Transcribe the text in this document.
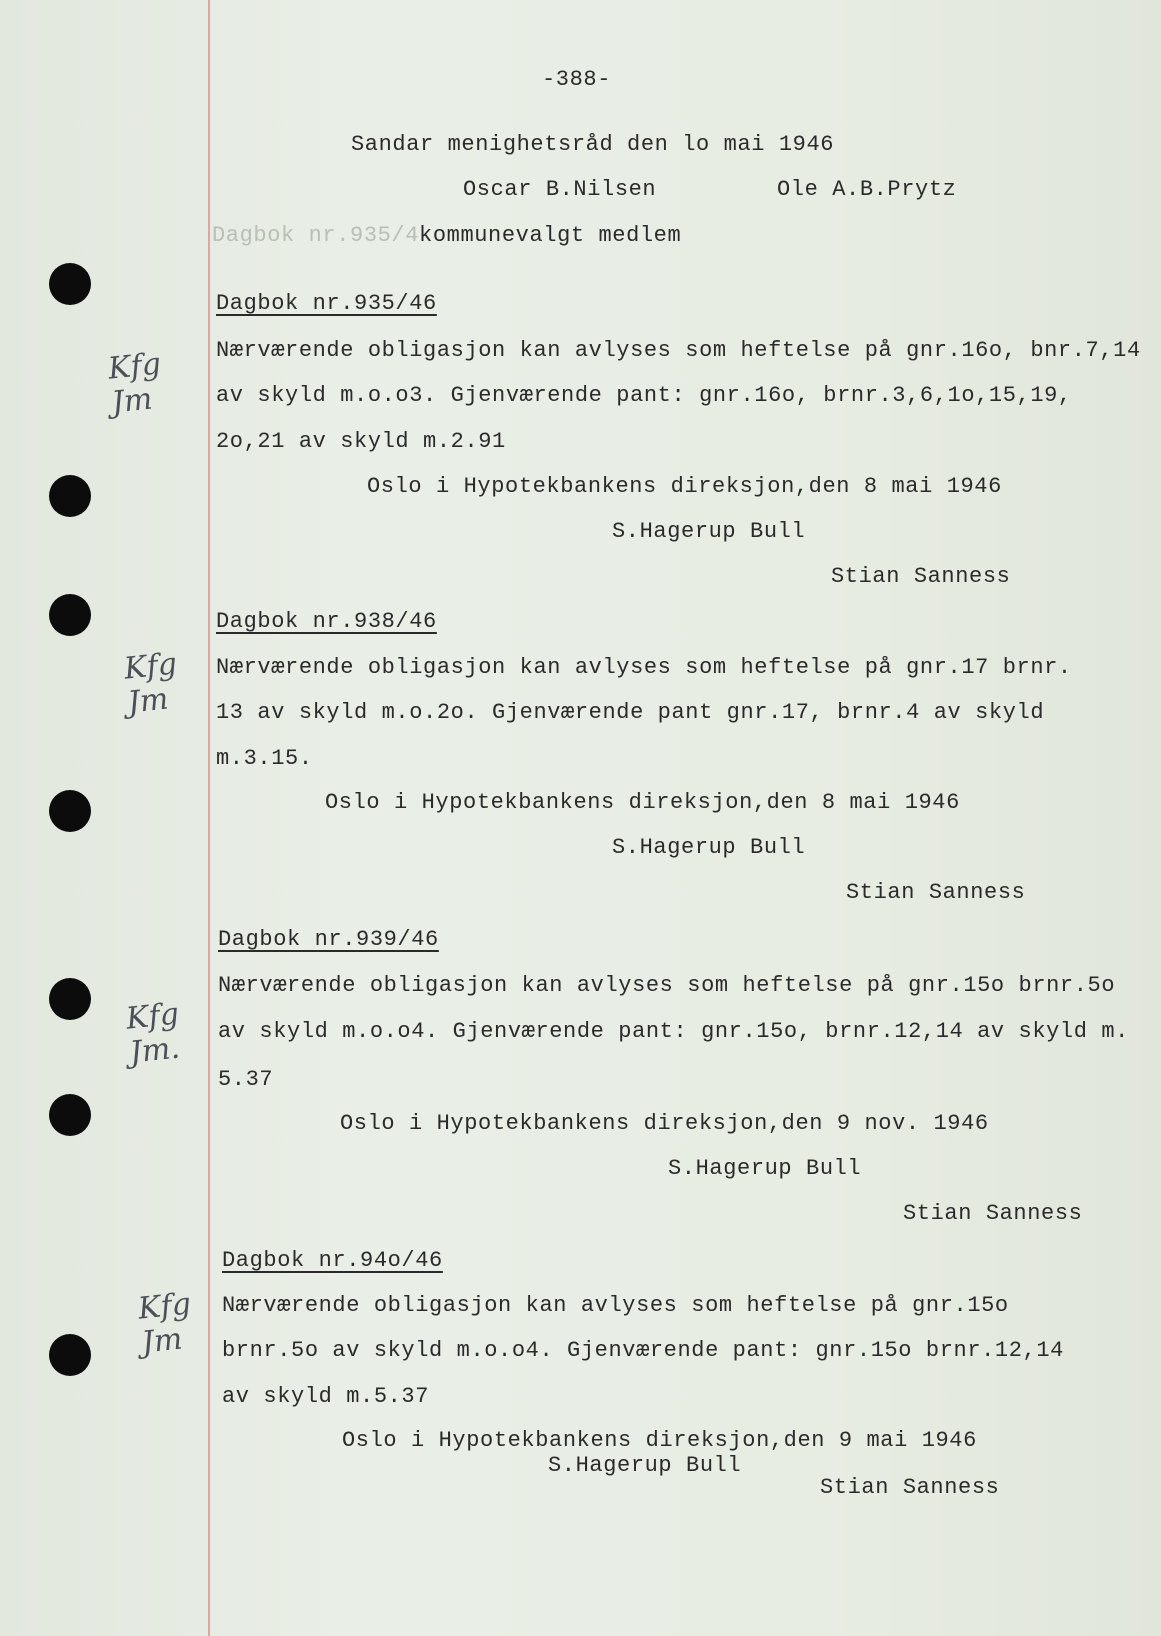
-388-
Sandar menighetsråd den lo mai 1946
Oscar B.Nilsen	Ole A.B.Prytz
Dagbok nr.935/4kommunevalgt medlem
Dagbok nr.935/46
Kfg
Jm
Nærværende obligasjon kan avlyses som heftelse på gnr.16o, bnr.7,14
av skyld m.o.o3. Gjenværende pant: gnr.16o, brnr.3,6,1o,15,19,
2o,21 av skyld m.2.91
Oslo i Hypotekbankens direksjon,den 8 mai 1946
S.Hagerup Bull
Stian Sanness
Dagbok nr.938/46
Kfg
Jm
Nærværende obligasjon kan avlyses som heftelse på gnr.17 brnr.
13 av skyld m.o.2o. Gjenværende pant gnr.17, brnr.4 av skyld
m.3.15.
Oslo i Hypotekbankens direksjon,den 8 mai 1946
S.Hagerup Bull
Stian Sanness
Dagbok nr.939/46
Kfg
Jm.
Nærværende obligasjon kan avlyses som heftelse på gnr.15o brnr.5o
av skyld m.o.o4. Gjenværende pant: gnr.15o, brnr.12,14 av skyld m.
5.37
Oslo i Hypotekbankens direksjon,den 9 nov. 1946
S.Hagerup Bull
Stian Sanness
Dagbok nr.94o/46
Kfg
Jm
Nærværende obligasjon kan avlyses som heftelse på gnr.15o
brnr.5o av skyld m.o.o4. Gjenværende pant: gnr.15o brnr.12,14
av skyld m.5.37
Oslo i Hypotekbankens direksjon,den 9 mai 1946
S.Hagerup Bull
Stian Sanness
